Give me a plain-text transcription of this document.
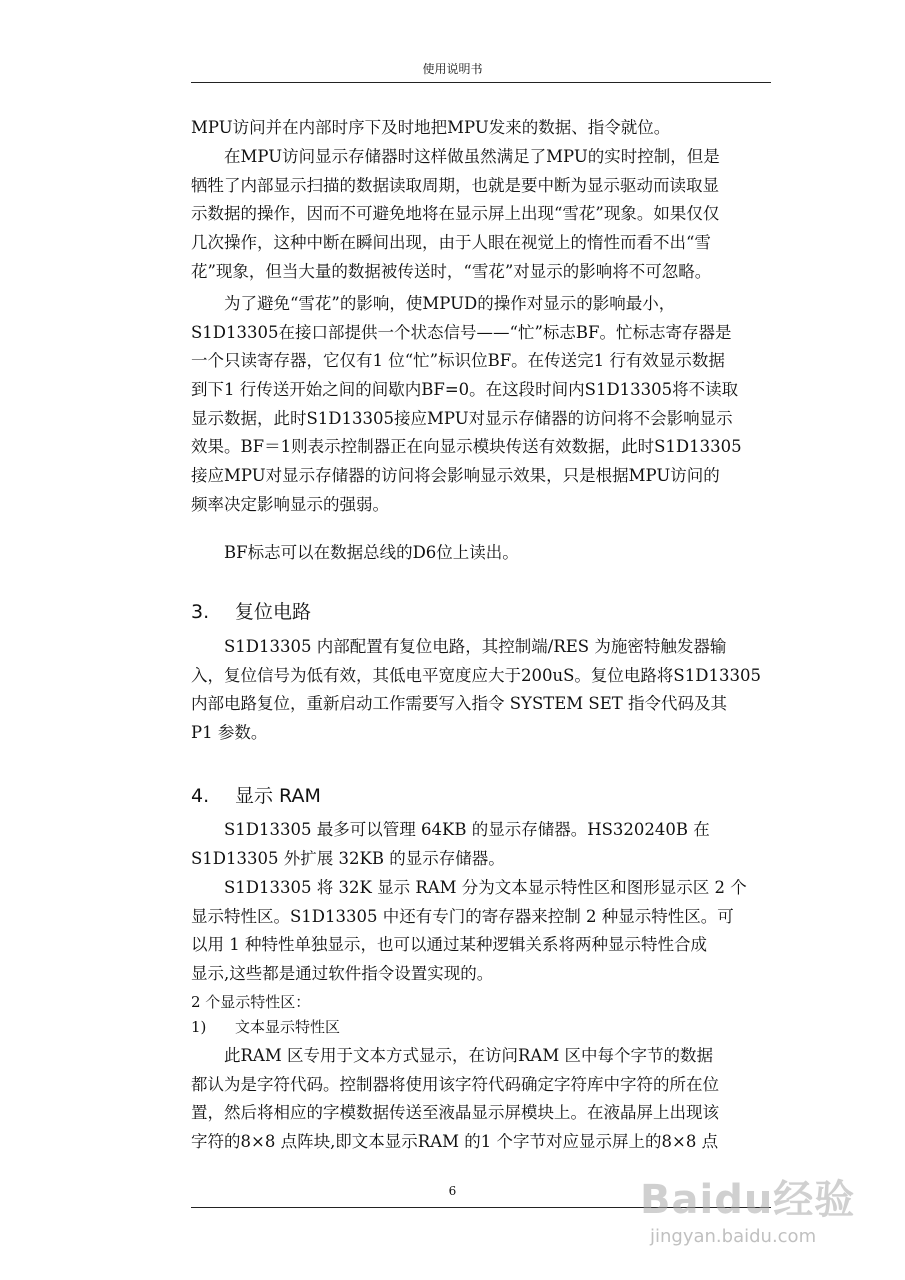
使用说明书
MPU访问并在内部时序下及时地把MPU发来的数据、指令就位。
在MPU访问显示存储器时这样做虽然满足了MPU的实时控制，但是
牺牲了内部显示扫描的数据读取周期，也就是要中断为显示驱动而读取显
示数据的操作，因而不可避免地将在显示屏上出现“雪花”现象。如果仅仅
几次操作，这种中断在瞬间出现，由于人眼在视觉上的惰性而看不出“雪
花”现象，但当大量的数据被传送时，“雪花”对显示的影响将不可忽略。
为了避免“雪花”的影响，使MPUD的操作对显示的影响最小，
S1D13305在接口部提供一个状态信号——“忙”标志BF。忙标志寄存器是
一个只读寄存器，它仅有1 位“忙”标识位BF。在传送完1 行有效显示数据
到下1 行传送开始之间的间歇内BF=0。在这段时间内S1D13305将不读取
显示数据，此时S1D13305接应MPU对显示存储器的访问将不会影响显示
效果。BF＝1则表示控制器正在向显示模块传送有效数据，此时S1D13305
接应MPU对显示存储器的访问将会影响显示效果，只是根据MPU访问的
频率决定影响显示的强弱。
BF标志可以在数据总线的D6位上读出。
3. 复位电路
S1D13305 内部配置有复位电路，其控制端/RES 为施密特触发器输
入，复位信号为低有效，其低电平宽度应大于200uS。复位电路将S1D13305
内部电路复位，重新启动工作需要写入指令 SYSTEM SET 指令代码及其
P1 参数。
4. 显示 RAM
S1D13305 最多可以管理 64KB 的显示存储器。HS320240B 在
S1D13305 外扩展 32KB 的显示存储器。
S1D13305 将 32K 显示 RAM 分为文本显示特性区和图形显示区 2 个
显示特性区。S1D13305 中还有专门的寄存器来控制 2 种显示特性区。可
以用 1 种特性单独显示，也可以通过某种逻辑关系将两种显示特性合成
显示,这些都是通过软件指令设置实现的。
2 个显示特性区：
1) 文本显示特性区
此RAM 区专用于文本方式显示，在访问RAM 区中每个字节的数据
都认为是字符代码。控制器将使用该字符代码确定字符库中字符的所在位
置，然后将相应的字模数据传送至液晶显示屏模块上。在液晶屏上出现该
字符的8×8 点阵块,即文本显示RAM 的1 个字节对应显示屏上的8×8 点
6	Baidu经验
jingyan.baidu.com
